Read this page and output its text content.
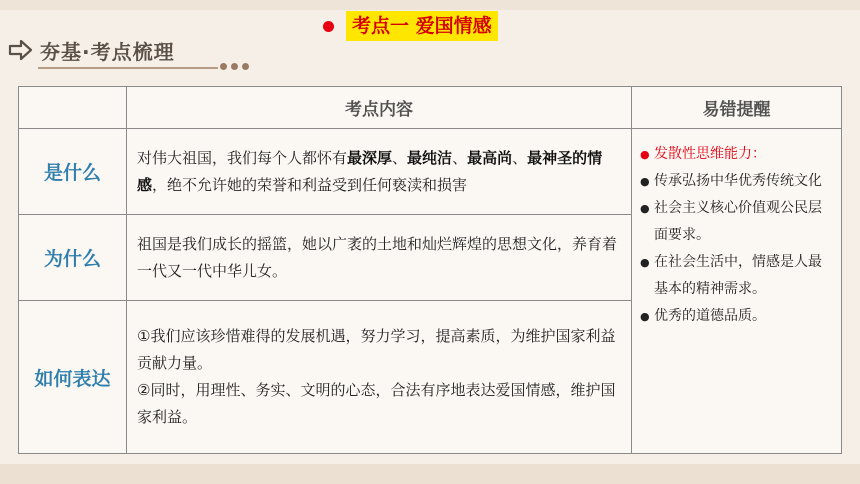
考点一 爱国情感
夯基·考点梳理
考点内容	易错提醒
是什么
对伟大祖国，我们每个人都怀有最深厚、最纯洁、最高尚、最神圣的情感，绝不允许她的荣誉和利益受到任何亵渎和损害
为什么
祖国是我们成长的摇篮，她以广袤的土地和灿烂辉煌的思想文化，养育着一代又一代中华儿女。
如何表达
①我们应该珍惜难得的发展机遇，努力学习，提高素质，为维护国家利益贡献力量。
②同时，用理性、务实、文明的心态，合法有序地表达爱国情感，维护国家利益。
● 发散性思维能力：
● 传承弘扬中华优秀传统文化
● 社会主义核心价值观公民层面要求。
● 在社会生活中，情感是人最基本的精神需求。
● 优秀的道德品质。
